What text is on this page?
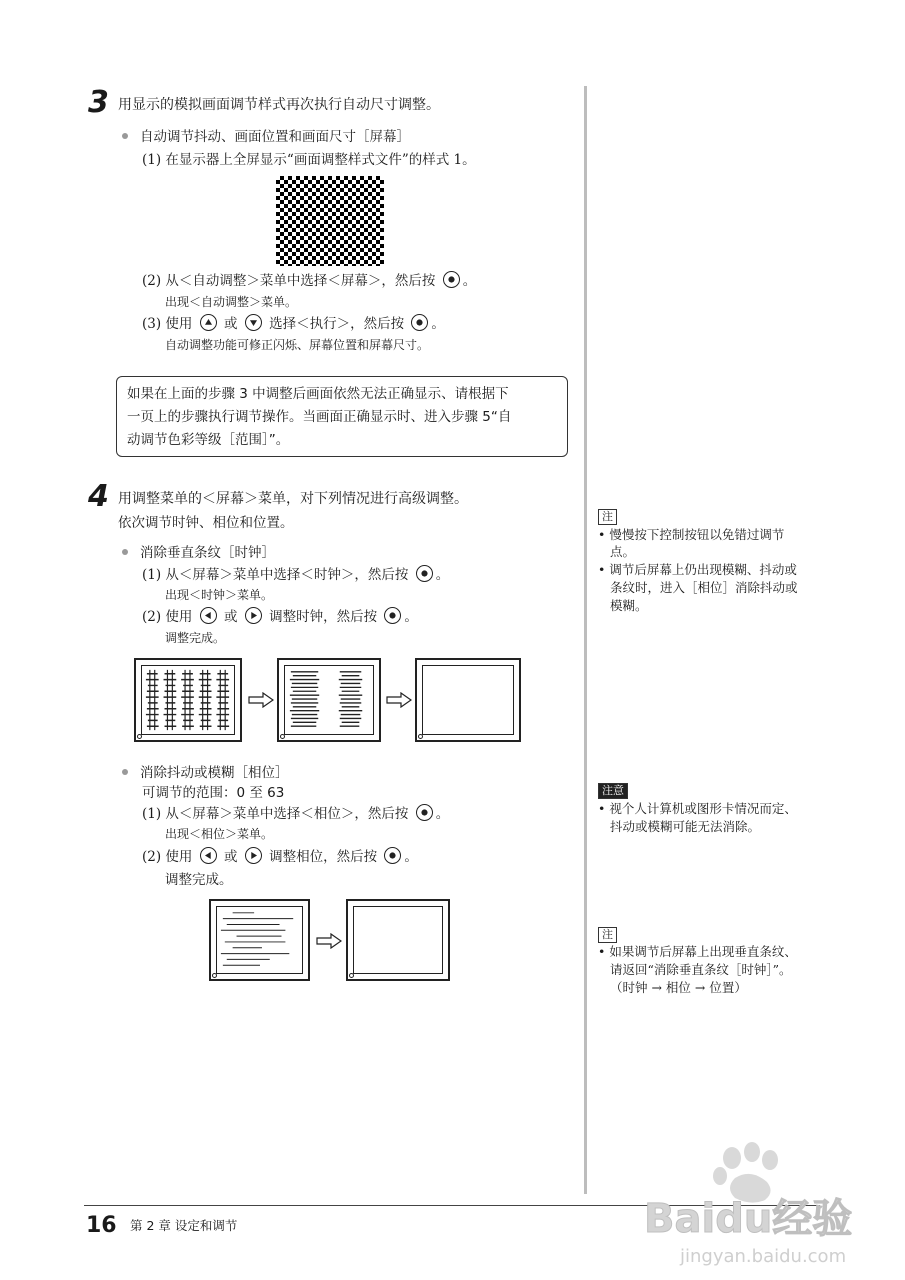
3 用显示的模拟画面调节样式再次执行自动尺寸调整。
自动调节抖动、画面位置和画面尺寸［屏幕］
(1) 在显示器上全屏显示“画面调整样式文件”的样式 1。
(2) 从＜自动调整＞菜单中选择＜屏幕＞，然后按 。
出现＜自动调整＞菜单。
(3) 使用 或 选择＜执行＞，然后按 。
自动调整功能可修正闪烁、屏幕位置和屏幕尺寸。
如果在上面的步骤 3 中调整后画面依然无法正确显示、请根据下
一页上的步骤执行调节操作。当画面正确显示时、进入步骤 5“自
动调节色彩等级［范围］”。
4 用调整菜单的＜屏幕＞菜单，对下列情况进行高级调整。
依次调节时钟、相位和位置。
消除垂直条纹［时钟］
(1) 从＜屏幕＞菜单中选择＜时钟＞，然后按 。
出现＜时钟＞菜单。
(2) 使用 或 调整时钟，然后按 。
调整完成。
消除抖动或模糊［相位］
可调节的范围：0 至 63
(1) 从＜屏幕＞菜单中选择＜相位＞，然后按 。
出现＜相位＞菜单。
(2) 使用 或 调整相位，然后按 。
调整完成。
注
• 慢慢按下控制按钮以免错过调节
点。
• 调节后屏幕上仍出现模糊、抖动或
条纹时，进入［相位］消除抖动或
模糊。
注意
• 视个人计算机或图形卡情况而定、
抖动或模糊可能无法消除。
注
• 如果调节后屏幕上出现垂直条纹、
请返回“消除垂直条纹［时钟］”。
（时钟 → 相位 → 位置）
16 第 2 章 设定和调节	Baidu经验
jingyan.baidu.com
